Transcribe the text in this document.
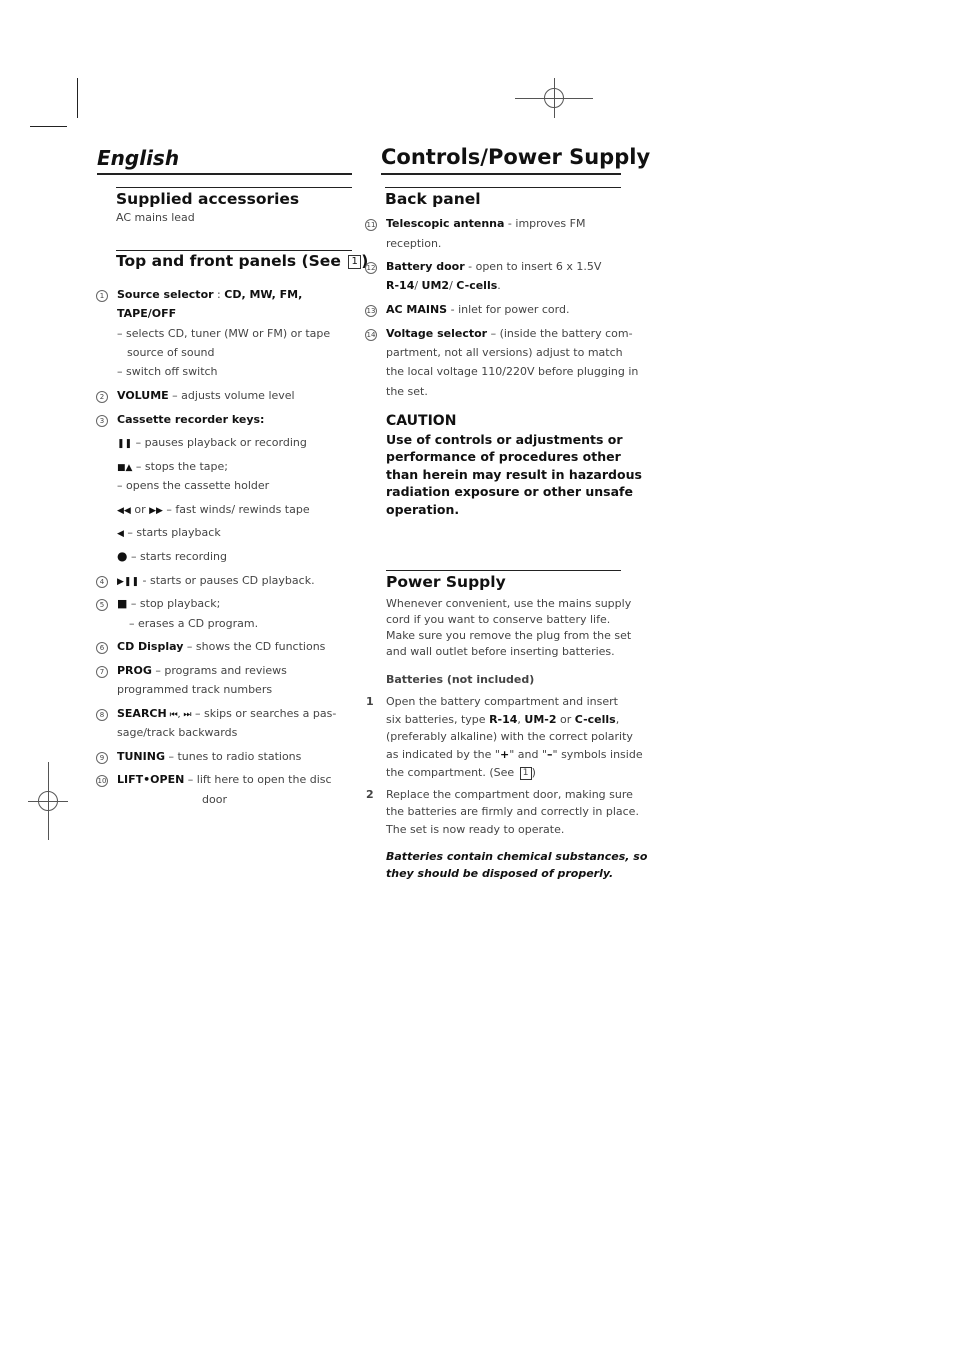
English	Controls/Power Supply
Supplied accessories
AC mains lead
Top and front panels (See 1 )
1	Source selector : CD, MW, FM,
TAPE/OFF
– selects CD, tuner (MW or FM) or tape
source of sound
– switch off switch
2	VOLUME – adjusts volume level
3	Cassette recorder keys:
❚❚ – pauses playback or recording
■▲ – stops the tape;
– opens the cassette holder
◀◀ or ▶▶ – fast winds/ rewinds tape
◀ – starts playback
● – starts recording
4	▶❚❚ - starts or pauses CD playback.
5	■ – stop playback;
– erases a CD program.
6	CD Display – shows the CD functions
7	PROG – programs and reviews
programmed track numbers
8	SEARCH ⏮, ⏭ – skips or searches a pas-
sage/track backwards
9	TUNING – tunes to radio stations
10 LIFT•OPEN – lift here to open the disc
door
Back panel
11 Telescopic antenna - improves FM
reception.
12 Battery door - open to insert 6 x 1.5V
R-14/ UM2/ C-cells.
13 AC MAINS - inlet for power cord.
14 Voltage selector – (inside the battery com-
partment, not all versions) adjust to match
the local voltage 110/220V before plugging in
the set.
CAUTION
Use of controls or adjustments or
performance of procedures other
than herein may result in hazardous
radiation exposure or other unsafe
operation.
Power Supply
Whenever convenient, use the mains supply
cord if you want to conserve battery life.
Make sure you remove the plug from the set
and wall outlet before inserting batteries.
Batteries (not included)
1 Open the battery compartment and insert
six batteries, type R-14, UM-2 or C-cells,
(preferably alkaline) with the correct polarity
as indicated by the "+" and "–" symbols inside
the compartment. (See 1 )
2 Replace the compartment door, making sure
the batteries are firmly and correctly in place.
The set is now ready to operate.
Batteries contain chemical substances, so
they should be disposed of properly.
